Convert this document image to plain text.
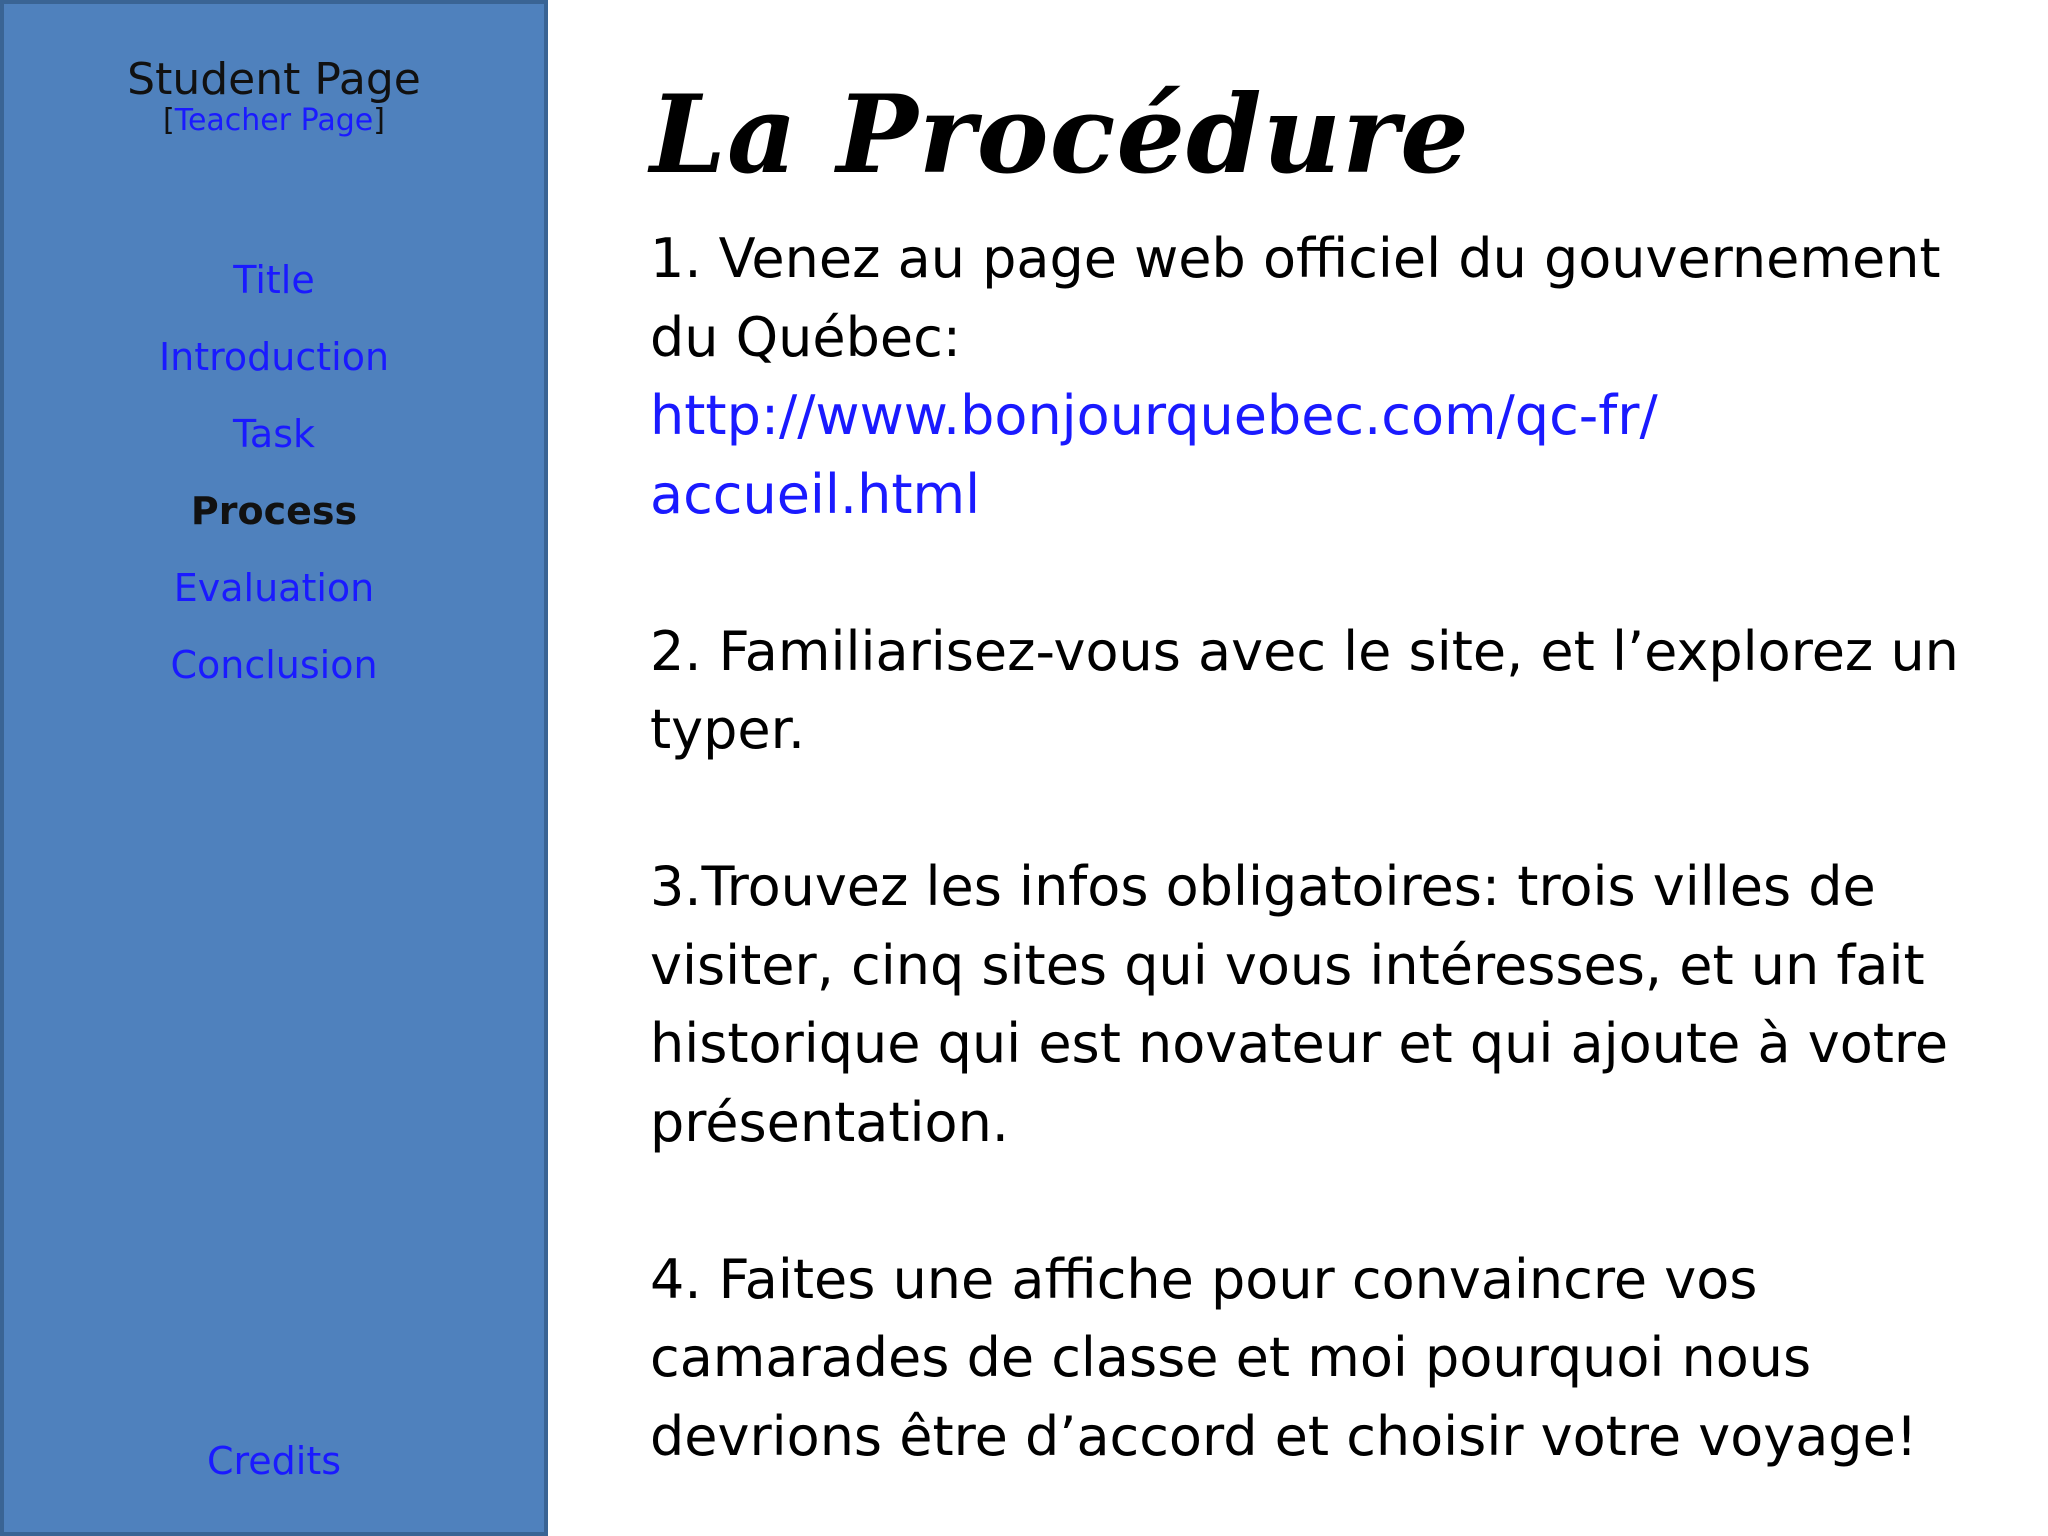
Student Page
[Teacher Page]
Title
Introduction
Task
Process
Evaluation
Conclusion
Credits
La Procédure
1. Venez au page web officiel du gouvernement du Québec:
http://www.bonjourquebec.com/qc-fr/
accueil.html
2. Familiarisez-vous avec le site, et l’explorez un typer.
3.Trouvez les infos obligatoires: trois villes de visiter, cinq sites qui vous intéresses, et un fait historique qui est novateur et qui ajoute à votre présentation.
4. Faites une affiche pour convaincre vos camarades de classe et moi pourquoi nous devrions être d’accord et choisir votre voyage!
